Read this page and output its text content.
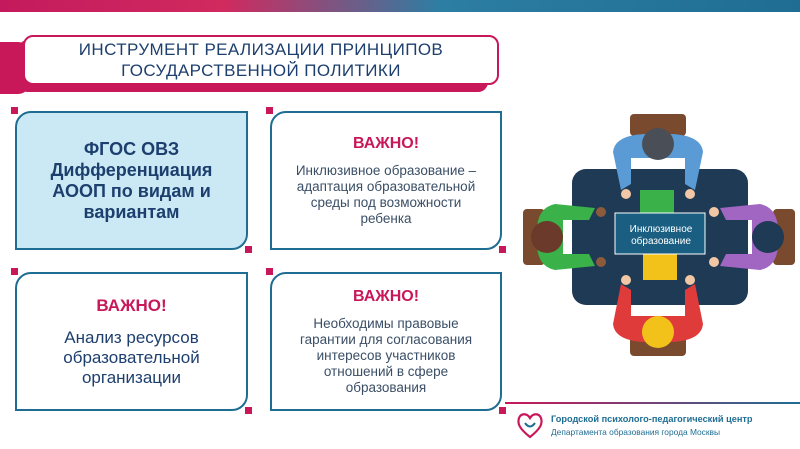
ИНСТРУМЕНТ РЕАЛИЗАЦИИ ПРИНЦИПОВ
ГОСУДАРСТВЕННОЙ ПОЛИТИКИ
ФГОС ОВЗ Дифференциация АООП по видам и вариантам
ВАЖНО!
Инклюзивное образование – адаптация образовательной среды под возможности ребенка
ВАЖНО!
Анализ ресурсов образовательной организации
ВАЖНО!
Необходимы правовые гарантии для согласования интересов участников отношений в сфере образования
Инклюзивное образование
Городской психолого-педагогический центр
Департамента образования города Москвы
